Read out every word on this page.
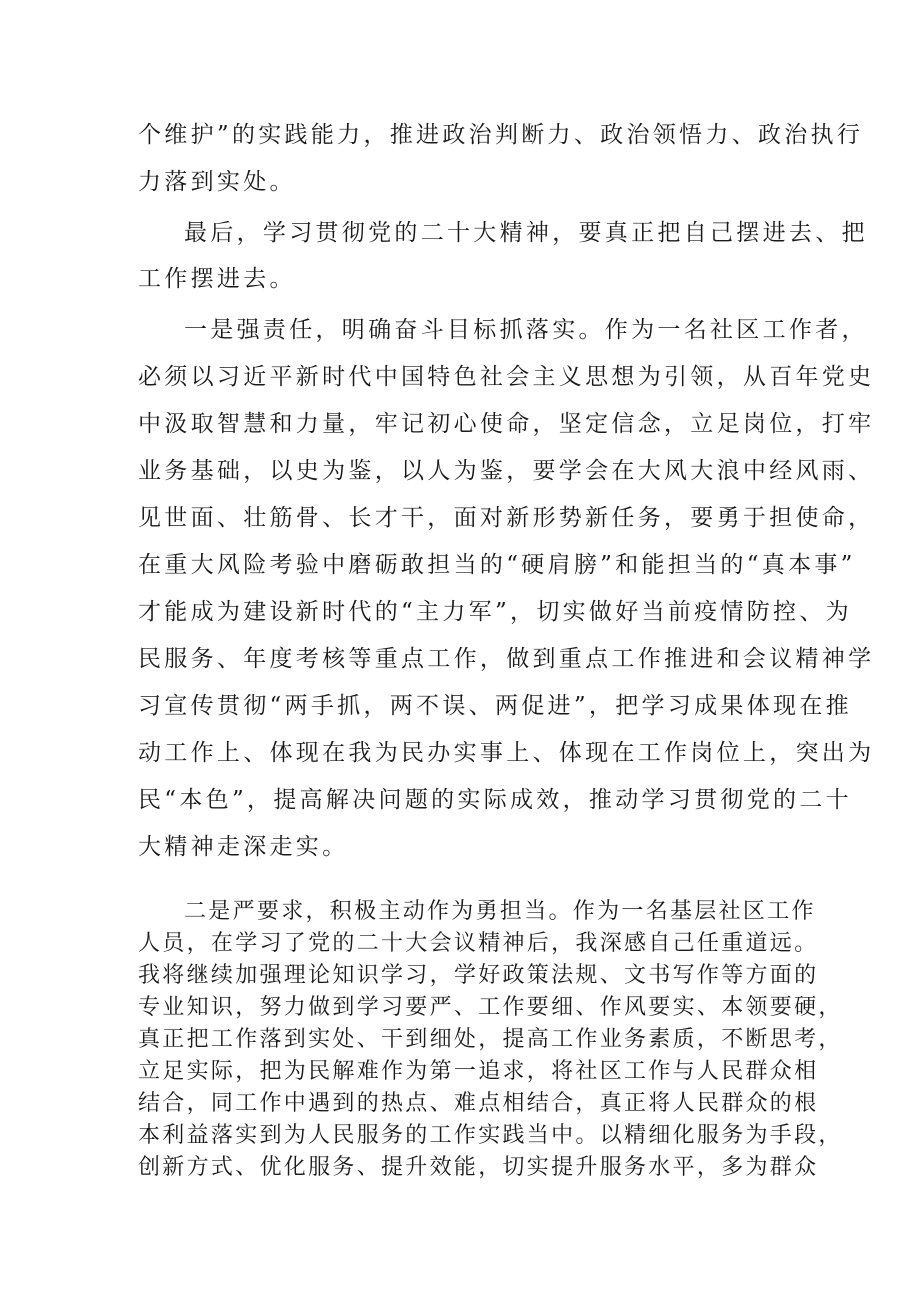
个维护”的实践能力，推进政治判断力、政治领悟力、政治执行

力落到实处。

最后，学习贯彻党的二十大精神，要真正把自己摆进去、把

工作摆进去。

一是强责任，明确奋斗目标抓落实。作为一名社区工作者，

必须以习近平新时代中国特色社会主义思想为引领，从百年党史

中汲取智慧和力量，牢记初心使命，坚定信念，立足岗位，打牢

业务基础，以史为鉴，以人为鉴，要学会在大风大浪中经风雨、

见世面、壮筋骨、长才干，面对新形势新任务，要勇于担使命，

在重大风险考验中磨砺敢担当的“硬肩膀”和能担当的“真本事”

才能成为建设新时代的“主力军”，切实做好当前疫情防控、为

民服务、年度考核等重点工作，做到重点工作推进和会议精神学

习宣传贯彻“两手抓，两不误、两促进”，把学习成果体现在推

动工作上、体现在我为民办实事上、体现在工作岗位上，突出为

民“本色”，提高解决问题的实际成效，推动学习贯彻党的二十

大精神走深走实。

二是严要求，积极主动作为勇担当。作为一名基层社区工作

人员，在学习了党的二十大会议精神后，我深感自己任重道远。

我将继续加强理论知识学习，学好政策法规、文书写作等方面的

专业知识，努力做到学习要严、工作要细、作风要实、本领要硬，

真正把工作落到实处、干到细处，提高工作业务素质，不断思考，

立足实际，把为民解难作为第一追求，将社区工作与人民群众相

结合，同工作中遇到的热点、难点相结合，真正将人民群众的根

本利益落实到为人民服务的工作实践当中。以精细化服务为手段，

创新方式、优化服务、提升效能，切实提升服务水平，多为群众
